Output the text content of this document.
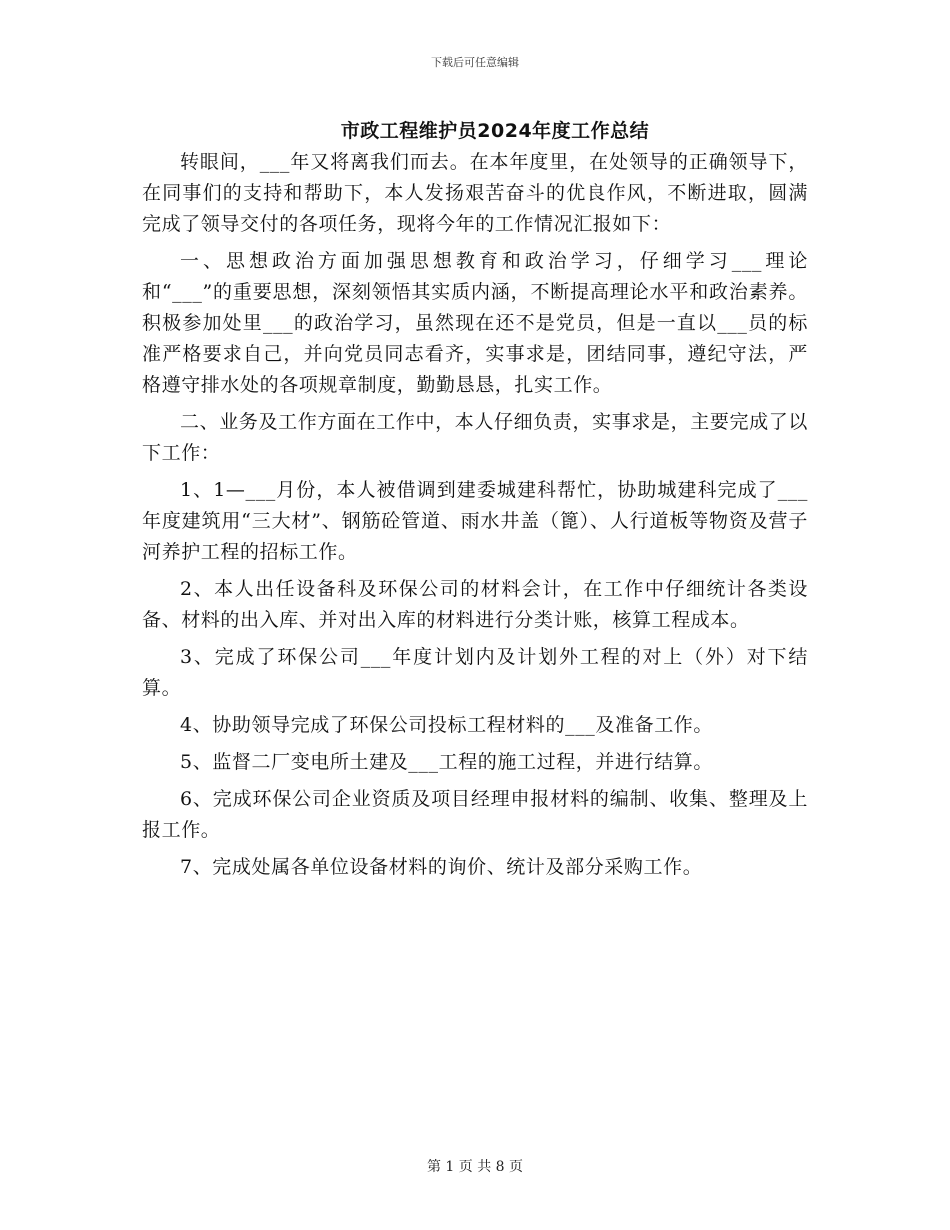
下载后可任意编辑
市政工程维护员2024年度工作总结

转眼间，___年又将离我们而去。在本年度里，在处领导的正确领导下，在同事们的支持和帮助下，本人发扬艰苦奋斗的优良作风，不断进取，圆满完成了领导交付的各项任务，现将今年的工作情况汇报如下：

一、思想政治方面加强思想教育和政治学习，仔细学习___理论和“___”的重要思想，深刻领悟其实质内涵，不断提高理论水平和政治素养。积极参加处里___的政治学习，虽然现在还不是党员，但是一直以___员的标准严格要求自己，并向党员同志看齐，实事求是，团结同事，遵纪守法，严格遵守排水处的各项规章制度，勤勤恳恳，扎实工作。

二、业务及工作方面在工作中，本人仔细负责，实事求是，主要完成了以下工作：

1、1—___月份，本人被借调到建委城建科帮忙，协助城建科完成了___年度建筑用“三大材”、钢筋砼管道、雨水井盖（篦）、人行道板等物资及营子河养护工程的招标工作。

2、本人出任设备科及环保公司的材料会计，在工作中仔细统计各类设备、材料的出入库、并对出入库的材料进行分类计账，核算工程成本。

3、完成了环保公司___年度计划内及计划外工程的对上（外）对下结算。

4、协助领导完成了环保公司投标工程材料的___及准备工作。

5、监督二厂变电所土建及___工程的施工过程，并进行结算。

6、完成环保公司企业资质及项目经理申报材料的编制、收集、整理及上报工作。

7、完成处属各单位设备材料的询价、统计及部分采购工作。

第 1 页 共 8 页
